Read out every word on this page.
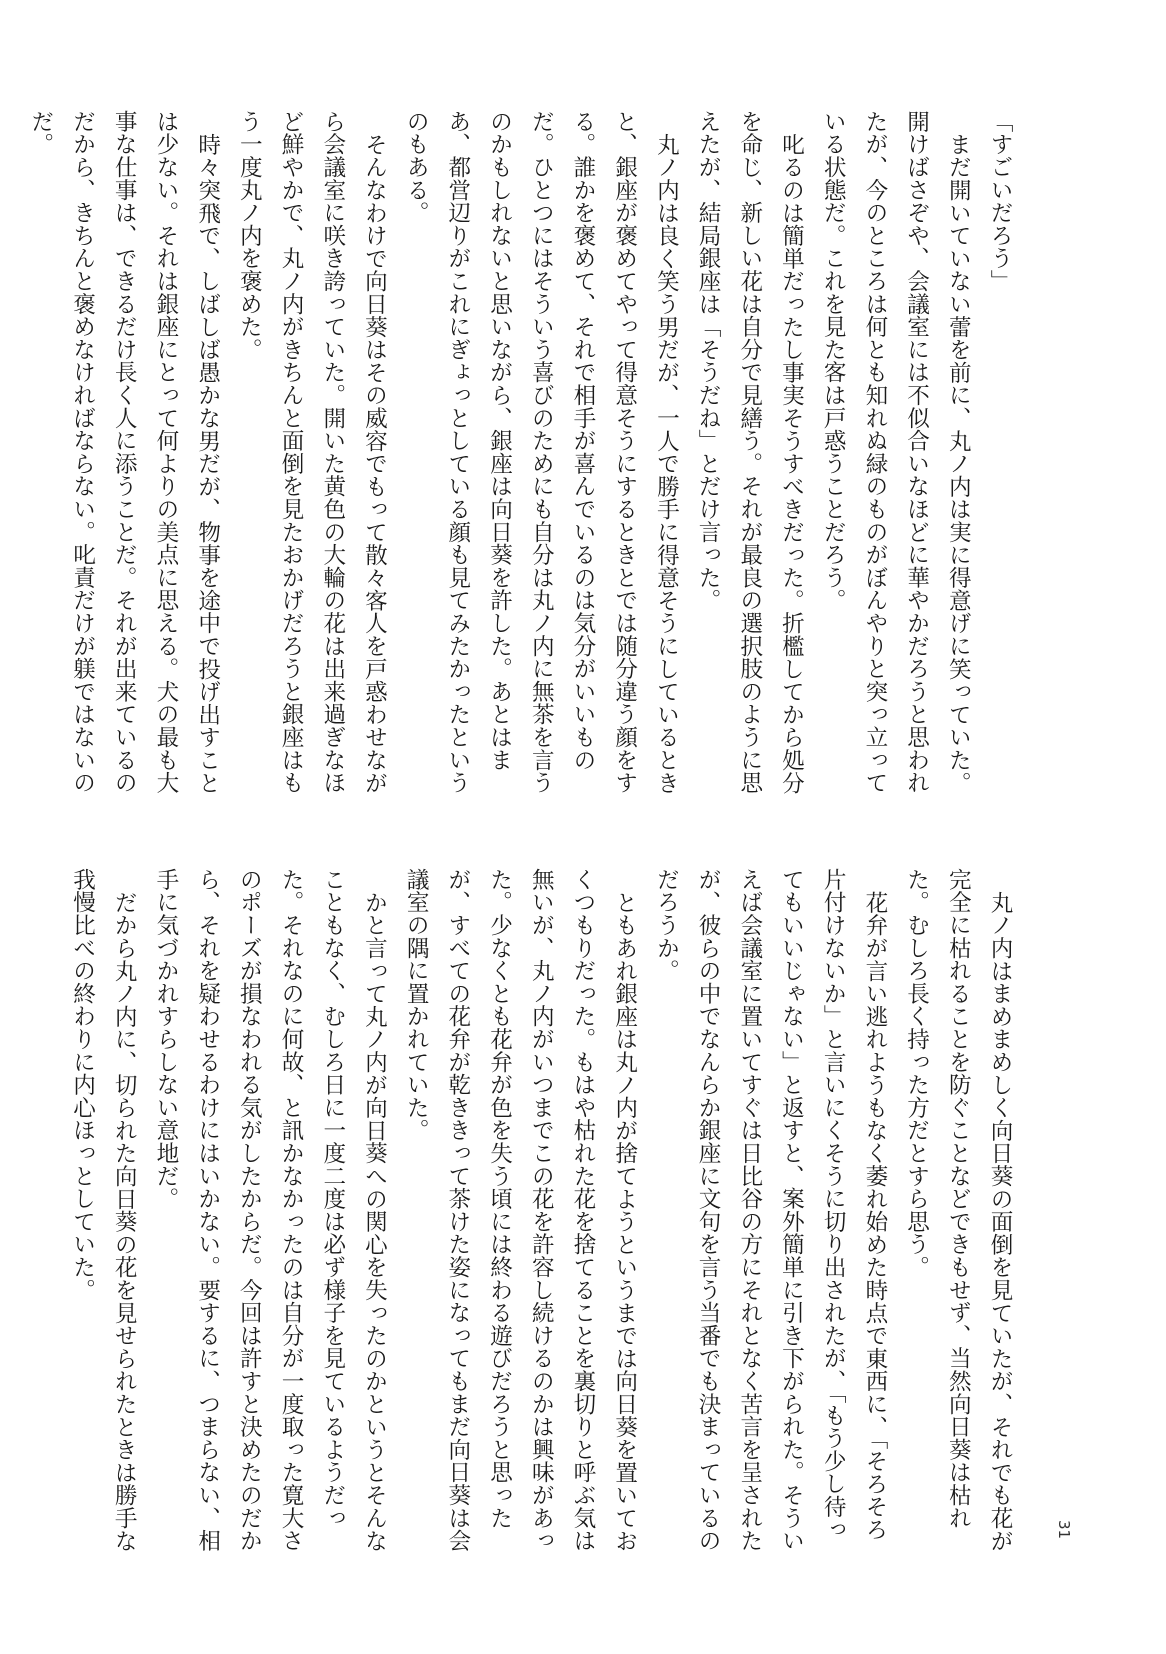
「すごいだろう」

まだ開いていない蕾を前に、丸ノ内は実に得意げに笑っていた。開けばさぞや、会議室には不似合いなほどに華やかだろうと思われたが、今のところは何とも知れぬ緑のものがぼんやりと突っ立っている状態だ。これを見た客は戸惑うことだろう。

叱るのは簡単だったし事実そうすべきだった。折檻してから処分を命じ、新しい花は自分で見繕う。それが最良の選択肢のように思えたが、結局銀座は「そうだね」とだけ言った。

丸ノ内は良く笑う男だが、一人で勝手に得意そうにしているときと、銀座が褒めてやって得意そうにするときとでは随分違う顔をする。誰かを褒めて、それで相手が喜んでいるのは気分がいいものだ。ひとつにはそういう喜びのためにも自分は丸ノ内に無茶を言うのかもしれないと思いながら、銀座は向日葵を許した。あとはまあ、都営辺りがこれにぎょっとしている顔も見てみたかったというのもある。

そんなわけで向日葵はその威容でもって散々客人を戸惑わせながら会議室に咲き誇っていた。開いた黄色の大輪の花は出来過ぎなほど鮮やかで、丸ノ内がきちんと面倒を見たおかげだろうと銀座はもう一度丸ノ内を褒めた。

時々突飛で、しばしば愚かな男だが、物事を途中で投げ出すことは少ない。それは銀座にとって何よりの美点に思える。犬の最も大事な仕事は、できるだけ長く人に添うことだ。それが出来ているのだから、きちんと褒めなければならない。叱責だけが躾ではないのだ。

丸ノ内はまめまめしく向日葵の面倒を見ていたが、それでも花が完全に枯れることを防ぐことなどできもせず、当然向日葵は枯れた。むしろ長く持った方だとすら思う。

花弁が言い逃れようもなく萎れ始めた時点で東西に、「そろそろ片付けないか」と言いにくそうに切り出されたが、「もう少し待ってもいいじゃない」と返すと、案外簡単に引き下がられた。そういえば会議室に置いてすぐは日比谷の方にそれとなく苦言を呈されたが、彼らの中でなんらか銀座に文句を言う当番でも決まっているのだろうか。

ともあれ銀座は丸ノ内が捨てようというまでは向日葵を置いておくつもりだった。もはや枯れた花を捨てることを裏切りと呼ぶ気は無いが、丸ノ内がいつまでこの花を許容し続けるのかは興味があった。少なくとも花弁が色を失う頃には終わる遊びだろうと思ったが、すべての花弁が乾ききって茶けた姿になってもまだ向日葵は会議室の隅に置かれていた。

かと言って丸ノ内が向日葵への関心を失ったのかというとそんなこともなく、むしろ日に一度二度は必ず様子を見ているようだった。それなのに何故、と訊かなかったのは自分が一度取った寛大さのポーズが損なわれる気がしたからだ。今回は許すと決めたのだから、それを疑わせるわけにはいかない。要するに、つまらない、相手に気づかれすらしない意地だ。

だから丸ノ内に、切られた向日葵の花を見せられたときは勝手な我慢比べの終わりに内心ほっとしていた。

31
